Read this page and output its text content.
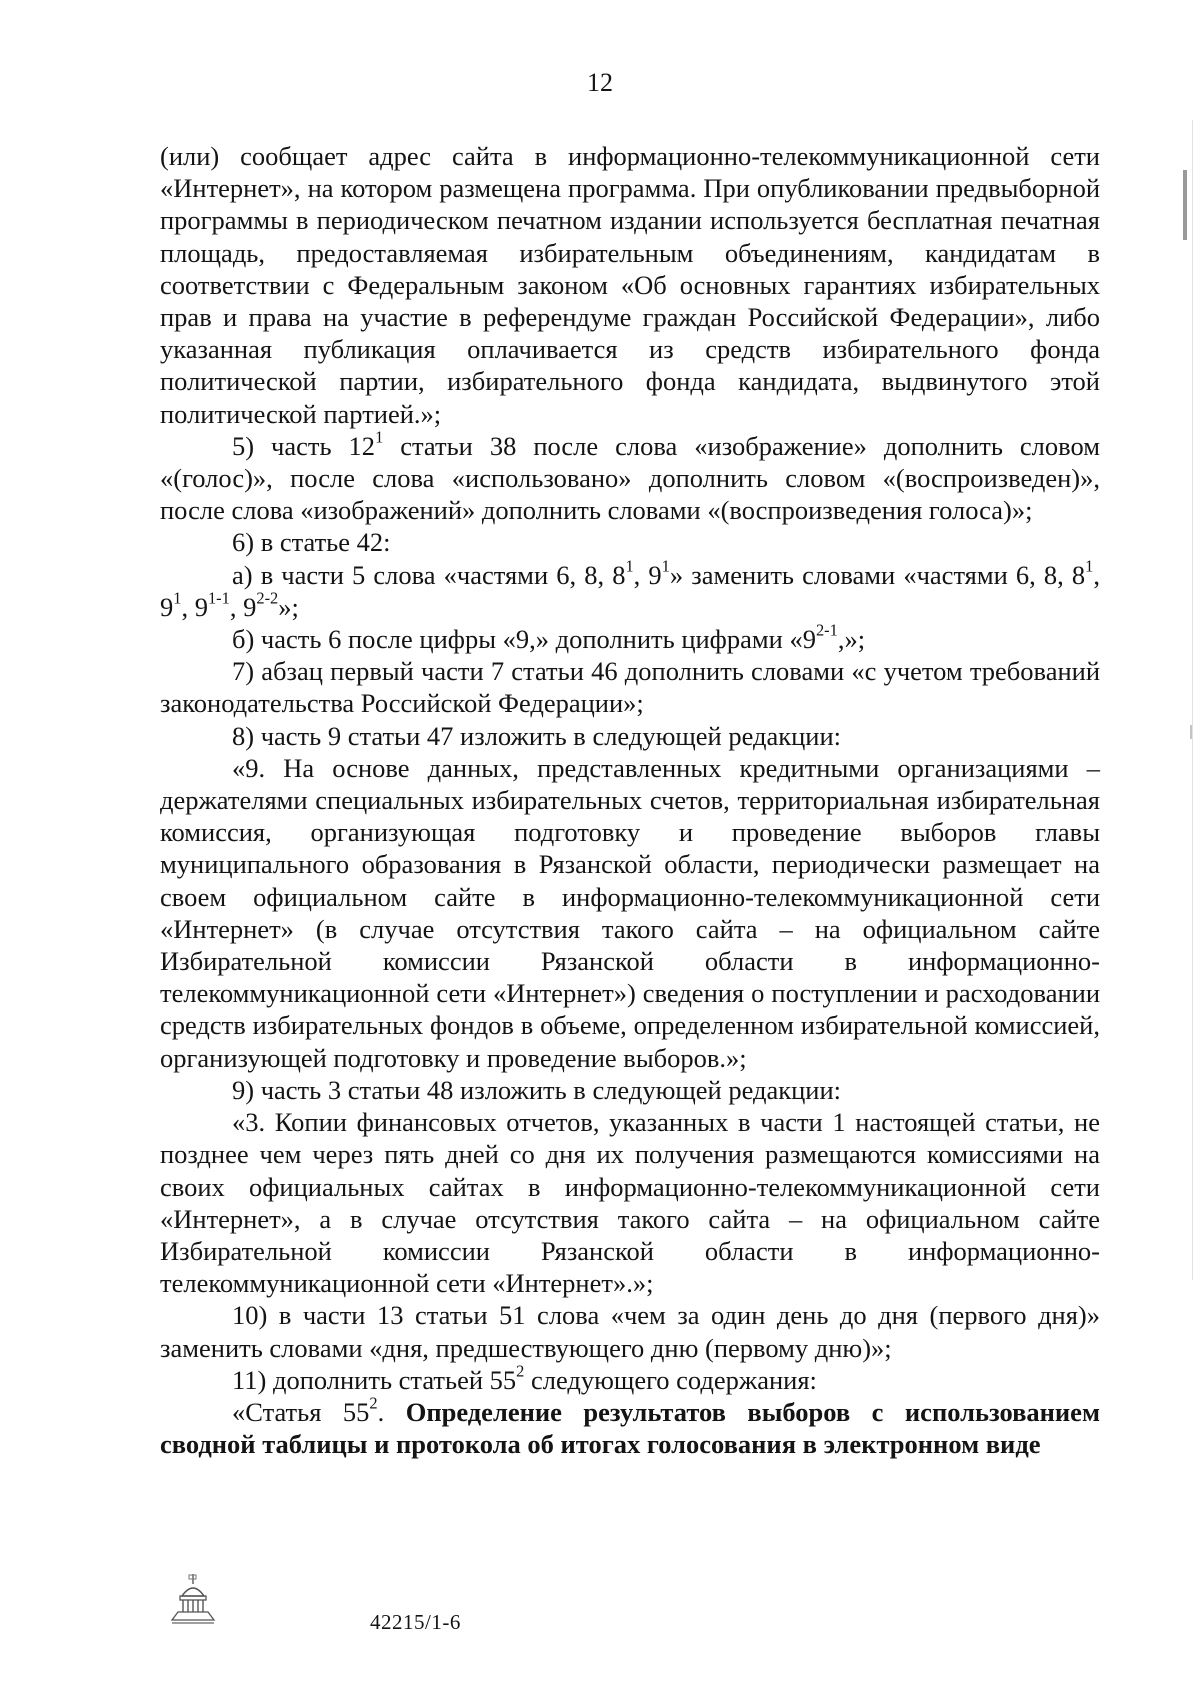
12

(или) сообщает адрес сайта в информационно-телекоммуникационной сети «Интернет», на котором размещена программа. При опубликовании предвыборной программы в периодическом печатном издании используется бесплатная печатная площадь, предоставляемая избирательным объединениям, кандидатам в соответствии с Федеральным законом «Об основных гарантиях избирательных прав и права на участие в референдуме граждан Российской Федерации», либо указанная публикация оплачивается из средств избирательного фонда политической партии, избирательного фонда кандидата, выдвинутого этой политической партией.»;

5) часть $12^1$ статьи 38 после слова «изображение» дополнить словом «(голос)», после слова «использовано» дополнить словом «(воспроизведен)», после слова «изображений» дополнить словами «(воспроизведения голоса)»;

6) в статье 42:

а) в части 5 слова «частями 6, 8, $8^1$, $9^1$» заменить словами «частями 6, 8, $8^1$, $9^1$, 9$^{1-1}$, 9$^{2-2}$»;

б) часть 6 после цифры «9,» дополнить цифрами «9$^{2-1}$,»;

7) абзац первый части 7 статьи 46 дополнить словами «с учетом требований законодательства Российской Федерации»;

8) часть 9 статьи 47 изложить в следующей редакции:

«9. На основе данных, представленных кредитными организациями – держателями специальных избирательных счетов, территориальная избирательная комиссия, организующая подготовку и проведение выборов главы муниципального образования в Рязанской области, периодически размещает на своем официальном сайте в информационно-телекоммуникационной сети «Интернет» (в случае отсутствия такого сайта – на официальном сайте Избирательной комиссии Рязанской области в информационно-телекоммуникационной сети «Интернет») сведения о поступлении и расходовании средств избирательных фондов в объеме, определенном избирательной комиссией, организующей подготовку и проведение выборов.»;

9) часть 3 статьи 48 изложить в следующей редакции:

«3. Копии финансовых отчетов, указанных в части 1 настоящей статьи, не позднее чем через пять дней со дня их получения размещаются комиссиями на своих официальных сайтах в информационно-телекоммуникационной сети «Интернет», а в случае отсутствия такого сайта – на официальном сайте Избирательной комиссии Рязанской области в информационно-телекоммуникационной сети «Интернет».»;

10) в части 13 статьи 51 слова «чем за один день до дня (первого дня)» заменить словами «дня, предшествующего дню (первому дню)»;

11) дополнить статьей $55^2$ следующего содержания:

«Статья $55^2$. Определение результатов выборов с использованием сводной таблицы и протокола об итогах голосования в электронном виде

42215/1-6
